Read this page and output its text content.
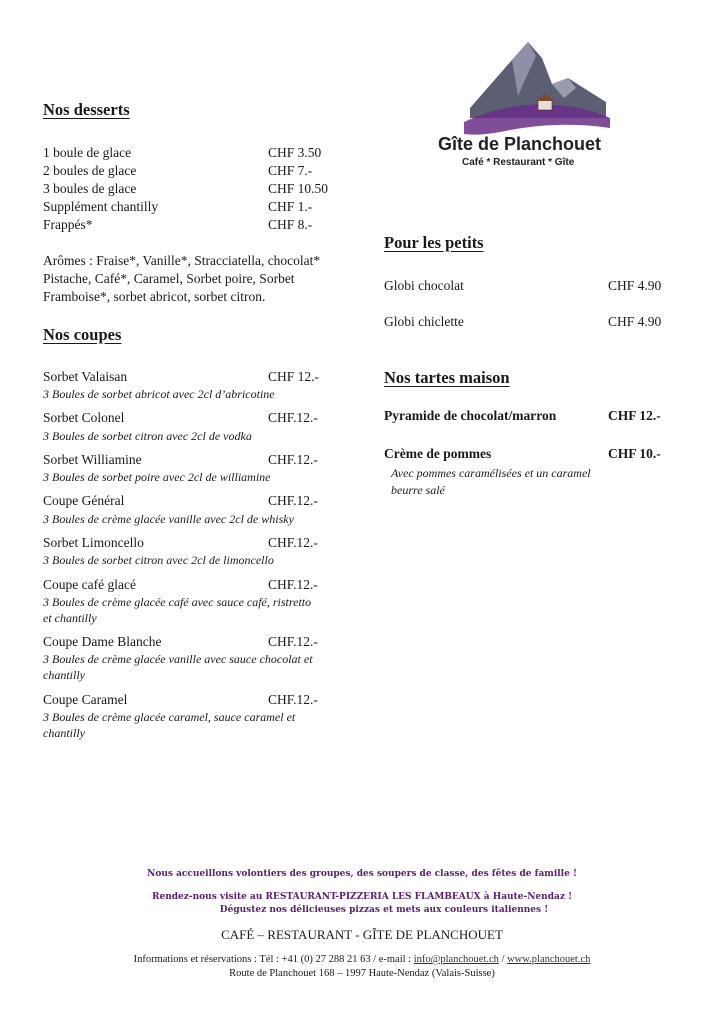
Gîte de Planchouet
Café * Restaurant * Gîte
Nos desserts
1 boule de glace	CHF 3.50
2 boules de glace	CHF 7.-
3 boules de glace	CHF 10.50
Supplément chantilly	CHF 1.-
Frappés*	CHF 8.-
Arômes : Fraise*, Vanille*, Stracciatella, chocolat*
Pistache, Café*, Caramel, Sorbet poire, Sorbet
Framboise*, sorbet abricot, sorbet citron.
Nos coupes
Sorbet Valaisan	CHF 12.-
3 Boules de sorbet abricot avec 2cl d’abricotine
Sorbet Colonel	CHF.12.-
3 Boules de sorbet citron avec 2cl de vodka
Sorbet Williamine	CHF.12.-
3 Boules de sorbet poire avec 2cl de williamine
Coupe Général	CHF.12.-
3 Boules de crème glacée vanille avec 2cl de whisky
Sorbet Limoncello	CHF.12.-
3 Boules de sorbet citron avec 2cl de limoncello
Coupe café glacé	CHF.12.-
3 Boules de crème glacée café avec sauce café, ristretto
et chantilly
Coupe Dame Blanche	CHF.12.-
3 Boules de crème glacée vanille avec sauce chocolat et
chantilly
Coupe Caramel	CHF.12.-
3 Boules de crème glacée caramel, sauce caramel et
chantilly
Pour les petits
Globi chocolat	CHF 4.90
Globi chiclette	CHF 4.90
Nos tartes maison
Pyramide de chocolat/marron	CHF 12.-
Crème de pommes	CHF 10.-
Avec pommes caramélisées et un caramel
beurre salé
Nous accueillons volontiers des groupes, des soupers de classe, des fêtes de famille !
Rendez-nous visite au RESTAURANT-PIZZERIA LES FLAMBEAUX à Haute-Nendaz !
Dégustez nos délicieuses pizzas et mets aux couleurs italiennes !
CAFÉ – RESTAURANT - GÎTE DE PLANCHOUET
Informations et réservations : Tél : +41 (0) 27 288 21 63 / e-mail : info@planchouet.ch / www.planchouet.ch
Route de Planchouet 168 – 1997 Haute-Nendaz (Valais-Suisse)
